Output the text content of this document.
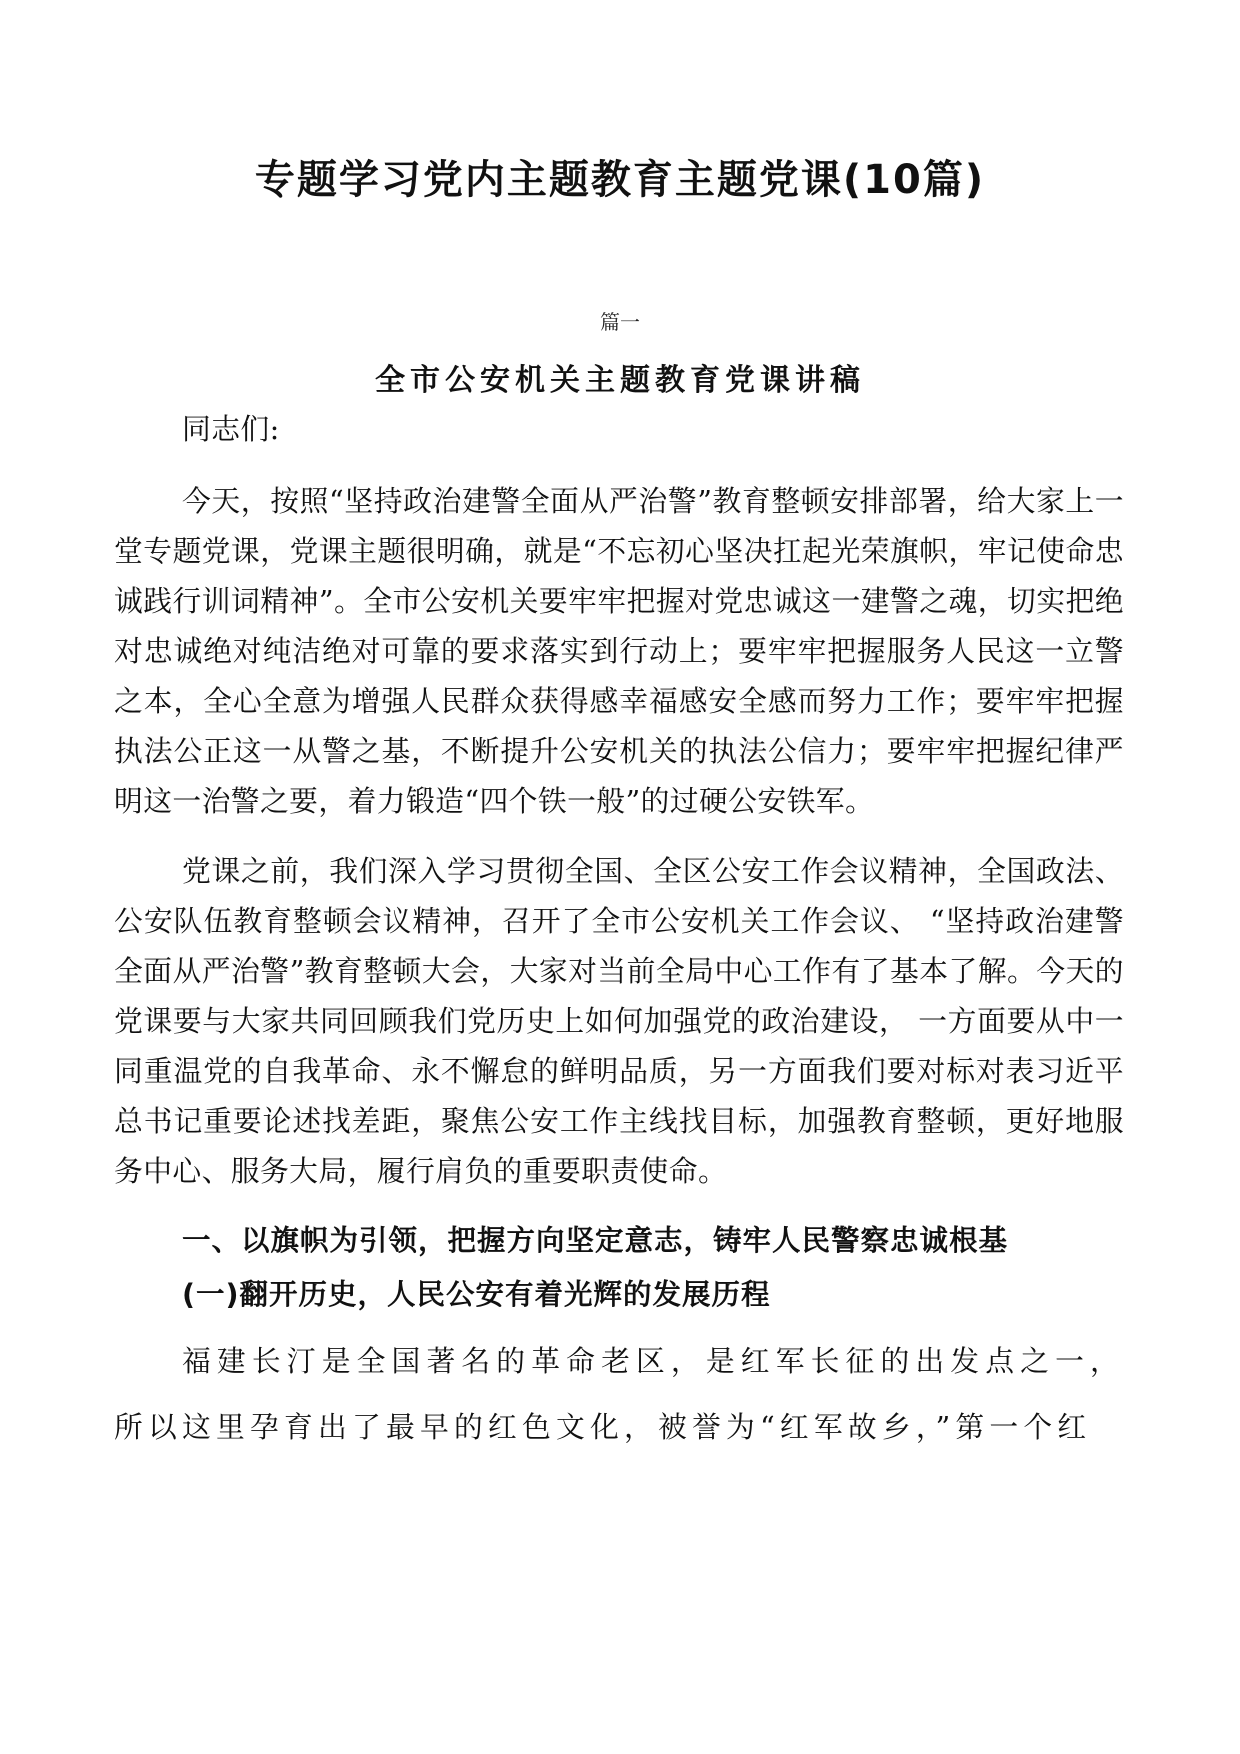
专题学习党内主题教育主题党课(10篇)
篇一
全市公安机关主题教育党课讲稿

同志们:

今天，按照“坚持政治建警全面从严治警”教育整顿安排部署，给大家上一堂专题党课，党课主题很明确，就是“不忘初心坚决扛起光荣旗帜，牢记使命忠诚践行训词精神”。全市公安机关要牢牢把握对党忠诚这一建警之魂，切实把绝对忠诚绝对纯洁绝对可靠的要求落实到行动上；要牢牢把握服务人民这一立警之本，全心全意为增强人民群众获得感幸福感安全感而努力工作；要牢牢把握执法公正这一从警之基，不断提升公安机关的执法公信力；要牢牢把握纪律严明这一治警之要，着力锻造“四个铁一般”的过硬公安铁军。

党课之前，我们深入学习贯彻全国、全区公安工作会议精神，全国政法、公安队伍教育整顿会议精神，召开了全市公安机关工作会议、 “坚持政治建警全面从严治警”教育整顿大会，大家对当前全局中心工作有了基本了解。今天的党课要与大家共同回顾我们党历史上如何加强党的政治建设， 一方面要从中一同重温党的自我革命、永不懈怠的鲜明品质，另一方面我们要对标对表习近平总书记重要论述找差距，聚焦公安工作主线找目标，加强教育整顿，更好地服务中心、服务大局，履行肩负的重要职责使命。

一、以旗帜为引领，把握方向坚定意志，铸牢人民警察忠诚根基

(一)翻开历史，人民公安有着光辉的发展历程

福建长汀是全国著名的革命老区，是红军长征的出发点之一，所以这里孕育出了最早的红色文化，被誉为“红军故乡，”第一个红
